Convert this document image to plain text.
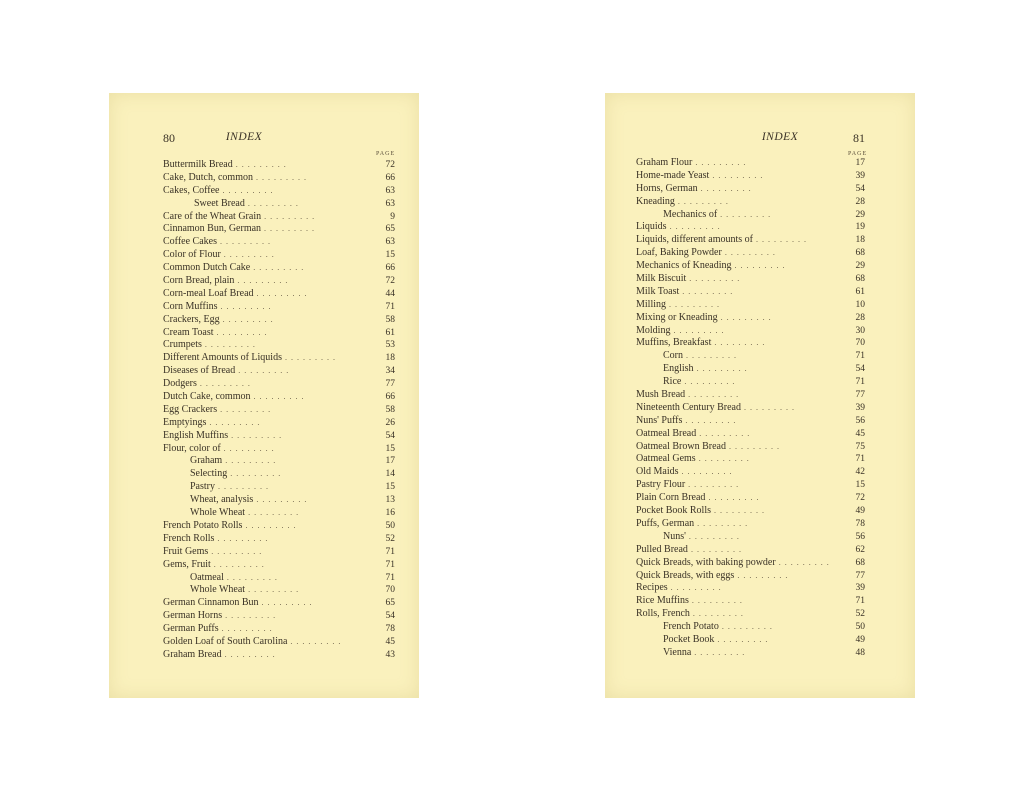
80	INDEX
PAGE
Buttermilk Bread . .	72
Cake, Dutch, common . .	66
Cakes, Coffee . .	63
Sweet Bread . .	63
Care of the Wheat Grain . .	9
Cinnamon Bun, German . .	65
Coffee Cakes . .	63
Color of Flour . .	15
Common Dutch Cake . .	66
Corn Bread, plain . .	72
Corn-meal Loaf Bread . .	44
Corn Muffins . .	71
Crackers, Egg . .	58
Cream Toast . .	61
Crumpets . .	53
Different Amounts of Liquids . .	18
Diseases of Bread . .	34
Dodgers . .	77
Dutch Cake, common . .	66
Egg Crackers . .	58
Emptyings . .	26
English Muffins . .	54
Flour, color of . .	15
Graham . .	17
Selecting . .	14
Pastry . .	15
Wheat, analysis . .	13
Whole Wheat . .	16
French Potato Rolls . .	50
French Rolls . .	52
Fruit Gems . .	71
Gems, Fruit . .	71
Oatmeal . .	71
Whole Wheat . .	70
German Cinnamon Bun . .	65
German Horns . .	54
German Puffs . .	78
Golden Loaf of South Carolina . .	45
Graham Bread . .	43
INDEX	81
PAGE
Graham Flour . .	17
Home-made Yeast . .	39
Horns, German . .	54
Kneading . .	28
Mechanics of . .	29
Liquids . .	19
Liquids, different amounts of . .	18
Loaf, Baking Powder . .	68
Mechanics of Kneading . .	29
Milk Biscuit . .	68
Milk Toast . .	61
Milling . .	10
Mixing or Kneading . .	28
Molding . .	30
Muffins, Breakfast . .	70
Corn . .	71
English . .	54
Rice . .	71
Mush Bread . .	77
Nineteenth Century Bread . .	39
Nuns' Puffs . .	56
Oatmeal Bread . .	45
Oatmeal Brown Bread . .	75
Oatmeal Gems . .	71
Old Maids . .	42
Pastry Flour . .	15
Plain Corn Bread . .	72
Pocket Book Rolls . .	49
Puffs, German . .	78
Nuns' . .	56
Pulled Bread . .	62
Quick Breads, with baking powder . .	68
Quick Breads, with eggs . .	77
Recipes . .	39
Rice Muffins . .	71
Rolls, French . .	52
French Potato . .	50
Pocket Book . .	49
Vienna . .	48
